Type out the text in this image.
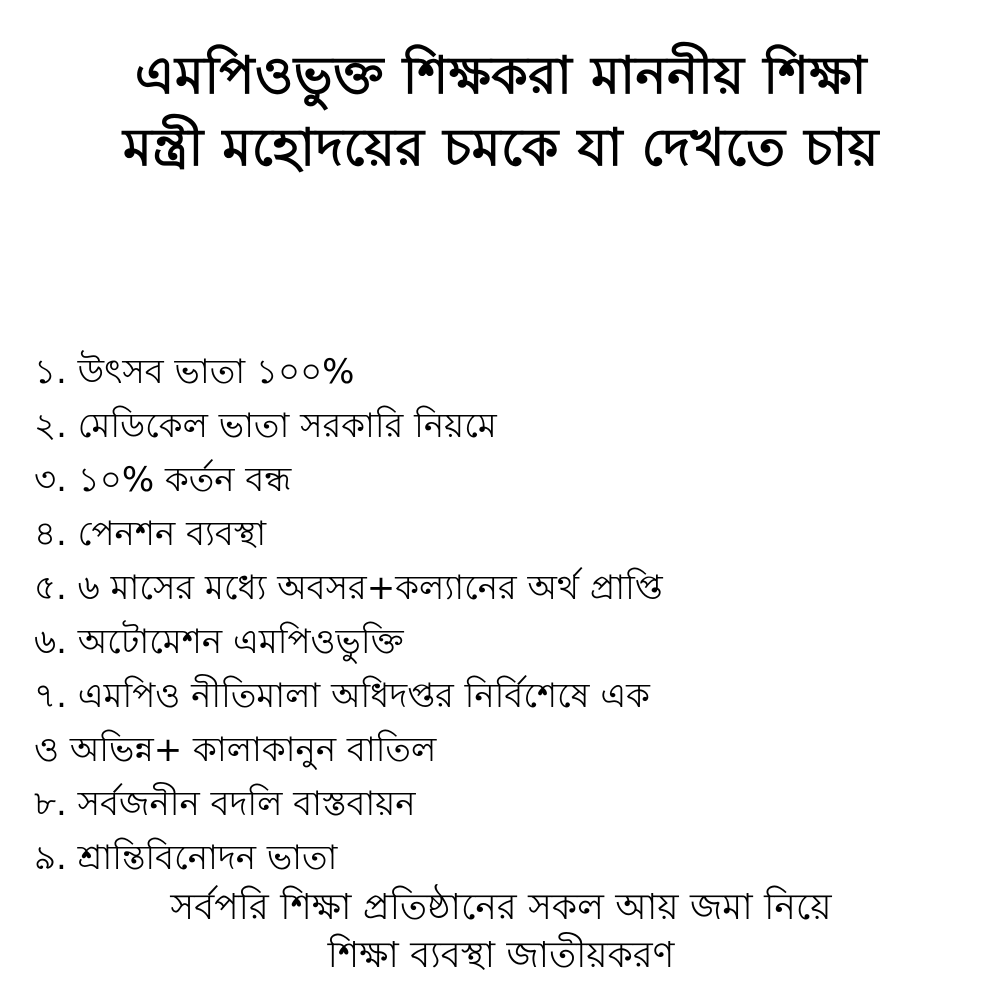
এমপিওভুক্ত শিক্ষকরা মাননীয় শিক্ষা
মন্ত্রী মহোদয়ের চমকে যা দেখতে চায়
১. উৎসব ভাতা ১০০%
২. মেডিকেল ভাতা সরকারি নিয়মে
৩. ১০% কর্তন বন্ধ
৪. পেনশন ব্যবস্থা
৫. ৬ মাসের মধ্যে অবসর+কল্যানের অর্থ প্রাপ্তি
৬. অটোমেশন এমপিওভুক্তি
৭. এমপিও নীতিমালা অধিদপ্তর নির্বিশেষে এক
ও অভিন্ন+ কালাকানুন বাতিল
৮. সর্বজনীন বদলি বাস্তবায়ন
৯. শ্রান্তিবিনোদন ভাতা
সর্বপরি শিক্ষা প্রতিষ্ঠানের সকল আয় জমা নিয়ে
শিক্ষা ব্যবস্থা জাতীয়করণ
